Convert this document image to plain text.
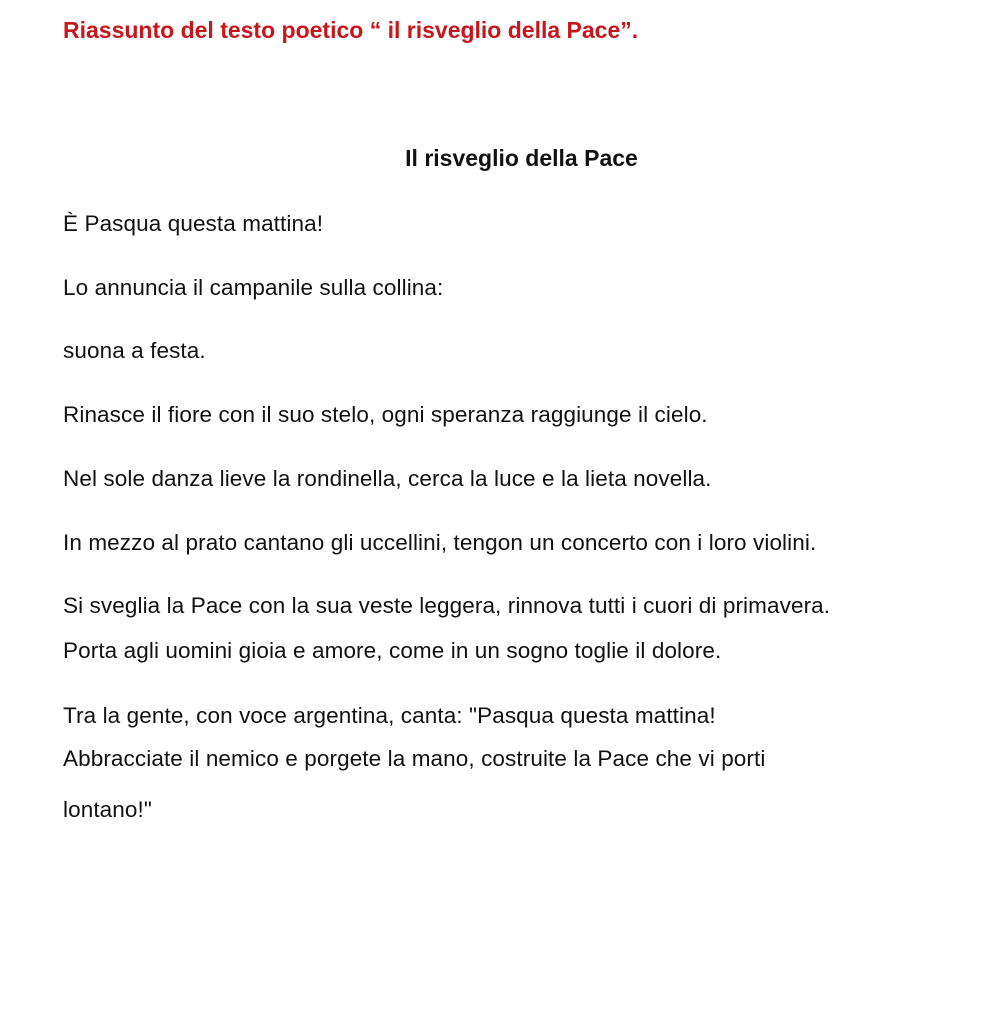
Riassunto del testo poetico “ il risveglio della Pace”.
Il risveglio della Pace
È Pasqua questa mattina!
Lo annuncia il campanile sulla collina:
suona a festa.
Rinasce il fiore con il suo stelo, ogni speranza raggiunge il cielo.
Nel sole danza lieve la rondinella, cerca la luce e la lieta novella.
In mezzo al prato cantano gli uccellini, tengon un concerto con i loro violini.
Si sveglia la Pace con la sua veste leggera, rinnova tutti i cuori di primavera.
Porta agli uomini gioia e amore, come in un sogno toglie il dolore.
Tra la gente, con voce argentina, canta: "Pasqua questa mattina!
Abbracciate il nemico e porgete la mano, costruite la Pace che vi porti
lontano!"
